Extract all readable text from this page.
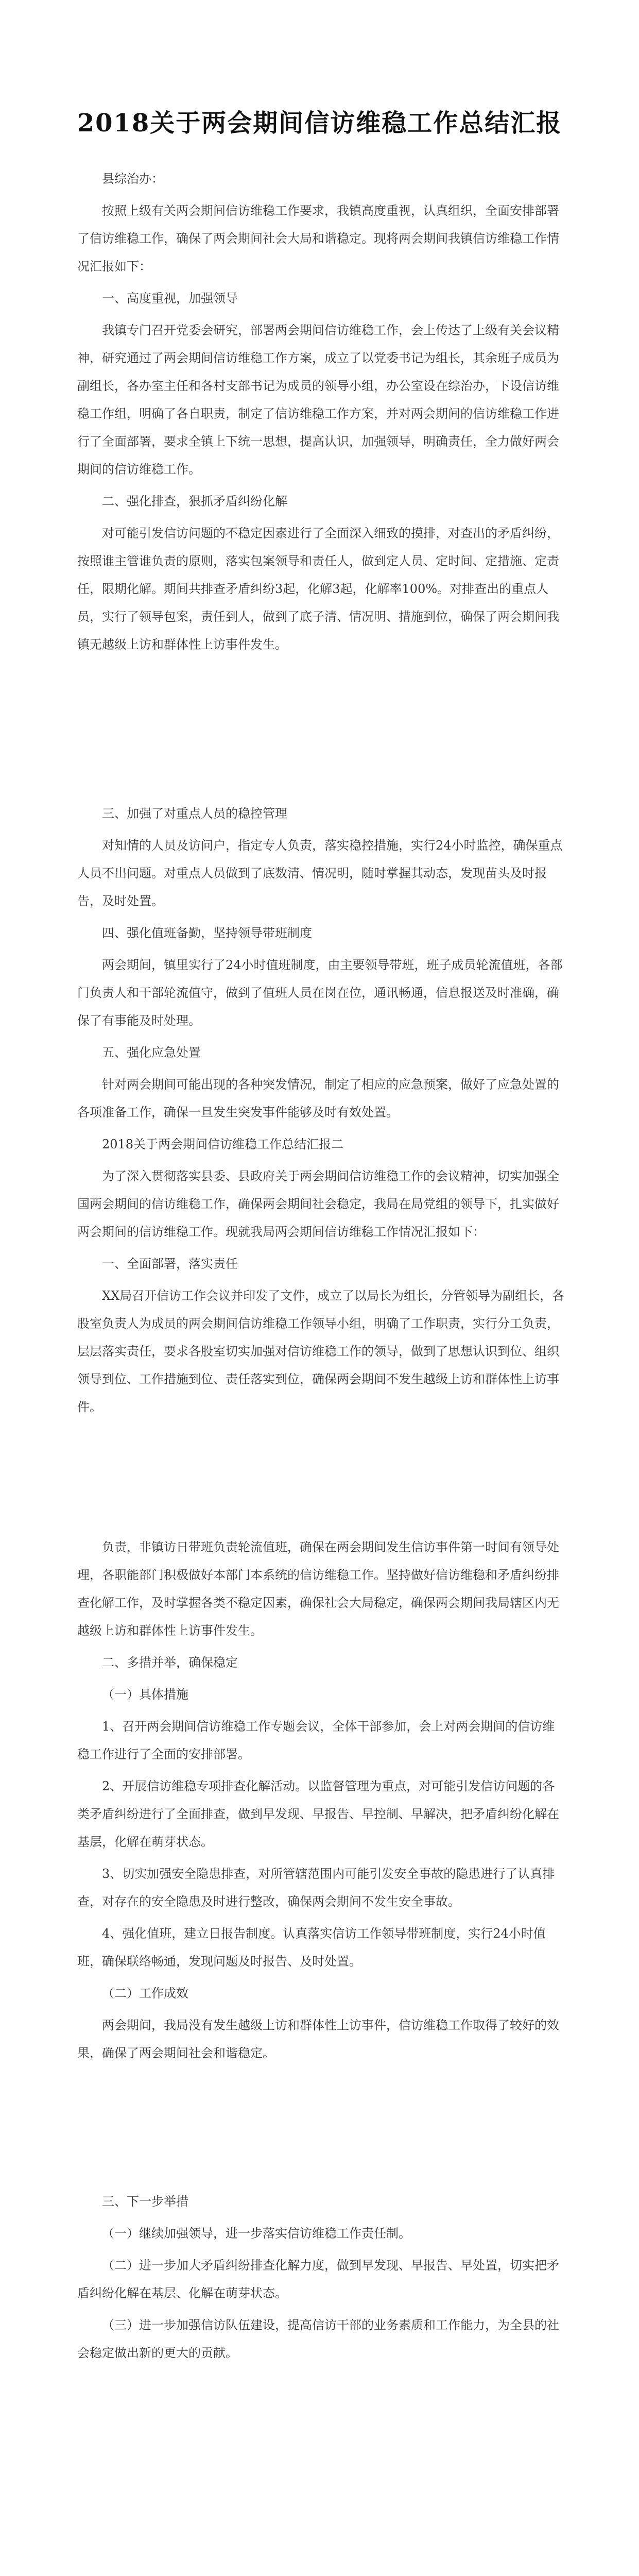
2018关于两会期间信访维稳工作总结汇报
县综治办：
按照上级有关两会期间信访维稳工作要求，我镇高度重视，认真组织，全面安排部署了信访维稳工作，确保了两会期间社会大局和谐稳定。现将两会期间我镇信访维稳工作情况汇报如下：
一、高度重视，加强领导
我镇专门召开党委会研究，部署两会期间信访维稳工作，会上传达了上级有关会议精神，研究通过了两会期间信访维稳工作方案，成立了以党委书记为组长，其余班子成员为副组长，各办室主任和各村支部书记为成员的领导小组，办公室设在综治办，下设信访维稳工作组，明确了各自职责，制定了信访维稳工作方案，并对两会期间的信访维稳工作进行了全面部署，要求全镇上下统一思想，提高认识，加强领导，明确责任，全力做好两会期间的信访维稳工作。
二、强化排查，狠抓矛盾纠纷化解
对可能引发信访问题的不稳定因素进行了全面深入细致的摸排，对查出的矛盾纠纷，按照谁主管谁负责的原则，落实包案领导和责任人，做到定人员、定时间、定措施、定责任，限期化解。期间共排查矛盾纠纷3起，化解3起，化解率100%。对排查出的重点人员，实行了领导包案，责任到人，做到了底子清、情况明、措施到位，确保了两会期间我镇无越级上访和群体性上访事件发生。
三、加强了对重点人员的稳控管理
对知情的人员及访问户，指定专人负责，落实稳控措施，实行24小时监控，确保重点人员不出问题。对重点人员做到了底数清、情况明，随时掌握其动态，发现苗头及时报告，及时处置。
四、强化值班备勤，坚持领导带班制度
两会期间，镇里实行了24小时值班制度，由主要领导带班，班子成员轮流值班，各部门负责人和干部轮流值守，做到了值班人员在岗在位，通讯畅通，信息报送及时准确，确保了有事能及时处理。
五、强化应急处置
针对两会期间可能出现的各种突发情况，制定了相应的应急预案，做好了应急处置的各项准备工作，确保一旦发生突发事件能够及时有效处置。
2018关于两会期间信访维稳工作总结汇报二
为了深入贯彻落实县委、县政府关于两会期间信访维稳工作的会议精神，切实加强全国两会期间的信访维稳工作，确保两会期间社会稳定，我局在局党组的领导下，扎实做好两会期间的信访维稳工作。现就我局两会期间信访维稳工作情况汇报如下：
一、全面部署，落实责任
XX局召开信访工作会议并印发了文件，成立了以局长为组长，分管领导为副组长，各股室负责人为成员的两会期间信访维稳工作领导小组，明确了工作职责，实行分工负责，层层落实责任，要求各股室切实加强对信访维稳工作的领导，做到了思想认识到位、组织领导到位、工作措施到位、责任落实到位，确保两会期间不发生越级上访和群体性上访事件。
负责，非镇访日带班负责轮流值班，确保在两会期间发生信访事件第一时间有领导处理，各职能部门积极做好本部门本系统的信访维稳工作。坚持做好信访维稳和矛盾纠纷排查化解工作，及时掌握各类不稳定因素，确保社会大局稳定，确保两会期间我局辖区内无越级上访和群体性上访事件发生。
二、多措并举，确保稳定
（一）具体措施
1、召开两会期间信访维稳工作专题会议，全体干部参加，会上对两会期间的信访维稳工作进行了全面的安排部署。
2、开展信访维稳专项排查化解活动。以监督管理为重点，对可能引发信访问题的各类矛盾纠纷进行了全面排查，做到早发现、早报告、早控制、早解决，把矛盾纠纷化解在基层，化解在萌芽状态。
3、切实加强安全隐患排查，对所管辖范围内可能引发安全事故的隐患进行了认真排查，对存在的安全隐患及时进行整改，确保两会期间不发生安全事故。
4、强化值班，建立日报告制度。认真落实信访工作领导带班制度，实行24小时值班，确保联络畅通，发现问题及时报告、及时处置。
（二）工作成效
两会期间，我局没有发生越级上访和群体性上访事件，信访维稳工作取得了较好的效果，确保了两会期间社会和谐稳定。
三、下一步举措
（一）继续加强领导，进一步落实信访维稳工作责任制。
（二）进一步加大矛盾纠纷排查化解力度，做到早发现、早报告、早处置，切实把矛盾纠纷化解在基层、化解在萌芽状态。
（三）进一步加强信访队伍建设，提高信访干部的业务素质和工作能力，为全县的社会稳定做出新的更大的贡献。
